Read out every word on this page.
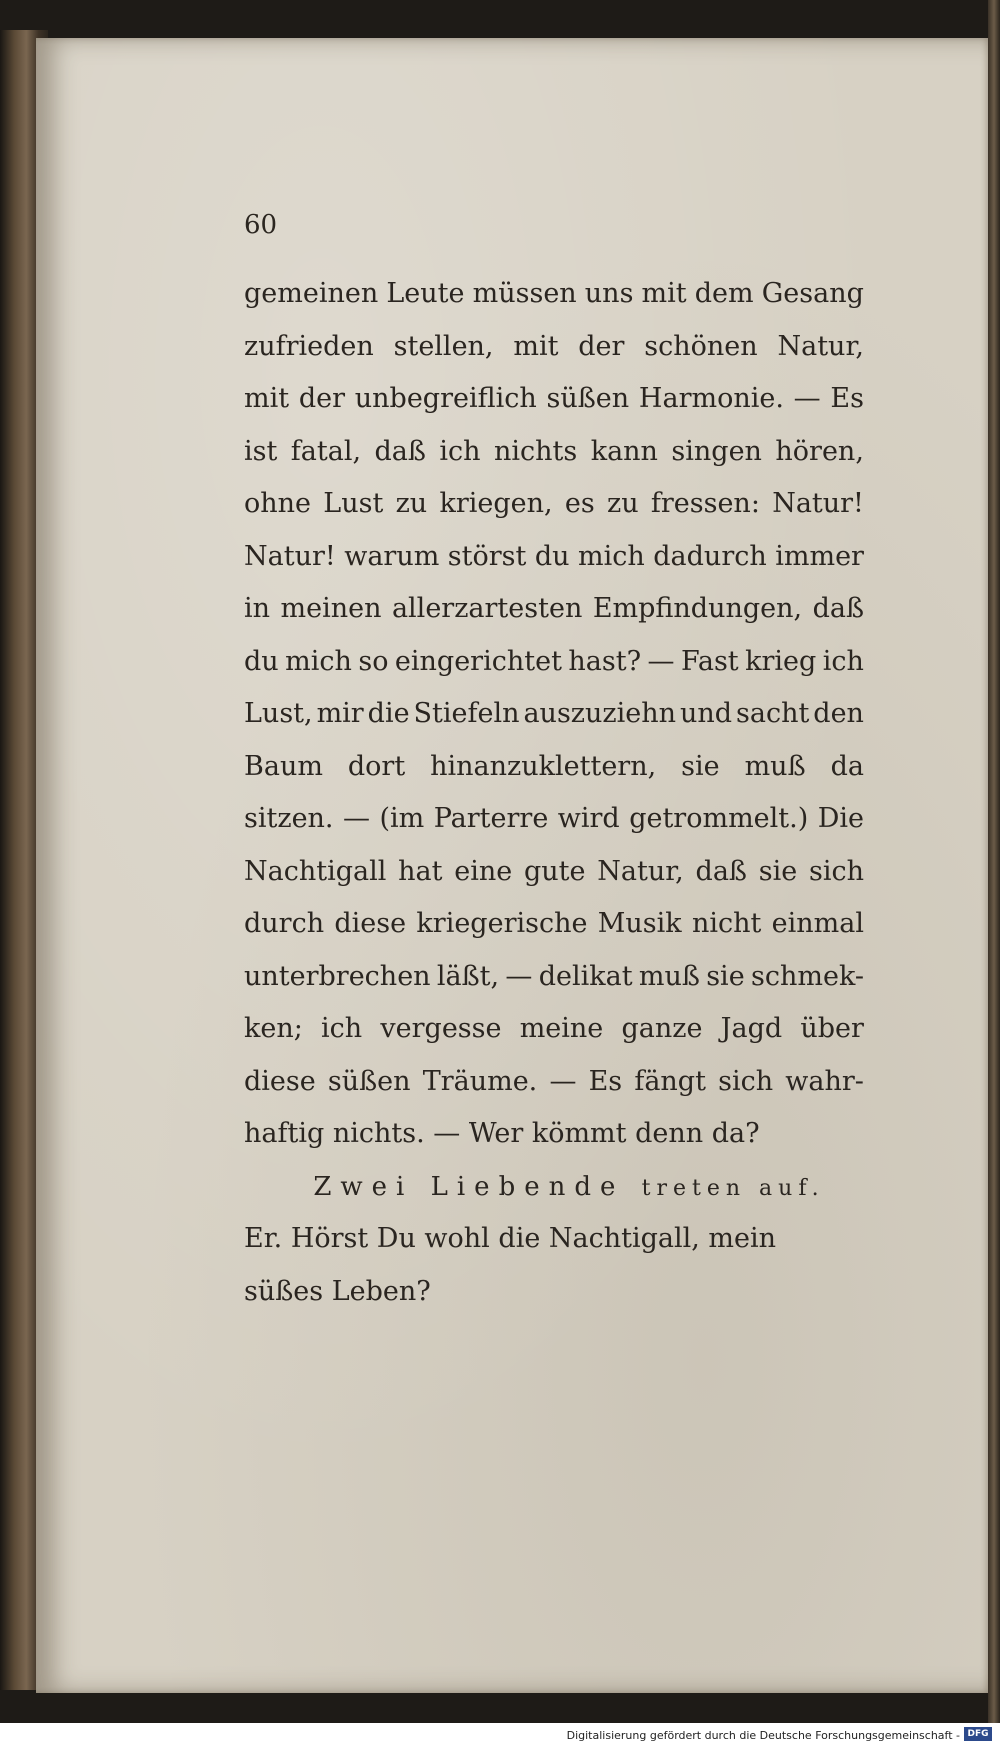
60
gemeinen Leute müssen uns mit dem Gesang
zufrieden stellen, mit der schönen Natur,
mit der unbegreiflich süßen Harmonie. — Es
ist fatal, daß ich nichts kann singen hören,
ohne Lust zu kriegen, es zu fressen: Natur!
Natur! warum störst du mich dadurch immer
in meinen allerzartesten Empfindungen, daß
du mich so eingerichtet hast? — Fast krieg ich
Lust, mir die Stiefeln auszuziehn und sacht den
Baum dort hinanzuklettern, sie muß da
sitzen. — (im Parterre wird getrommelt.) Die
Nachtigall hat eine gute Natur, daß sie sich
durch diese kriegerische Musik nicht einmal
unterbrechen läßt, — delikat muß sie schmek-
ken; ich vergesse meine ganze Jagd über
diese süßen Träume. — Es fängt sich wahr-
haftig nichts. — Wer kömmt denn da?
Zwei Liebende treten auf.
Er. Hörst Du wohl die Nachtigall, mein
süßes Leben?
Digitalisierung gefördert durch die Deutsche Forschungsgemeinschaft - DFG
